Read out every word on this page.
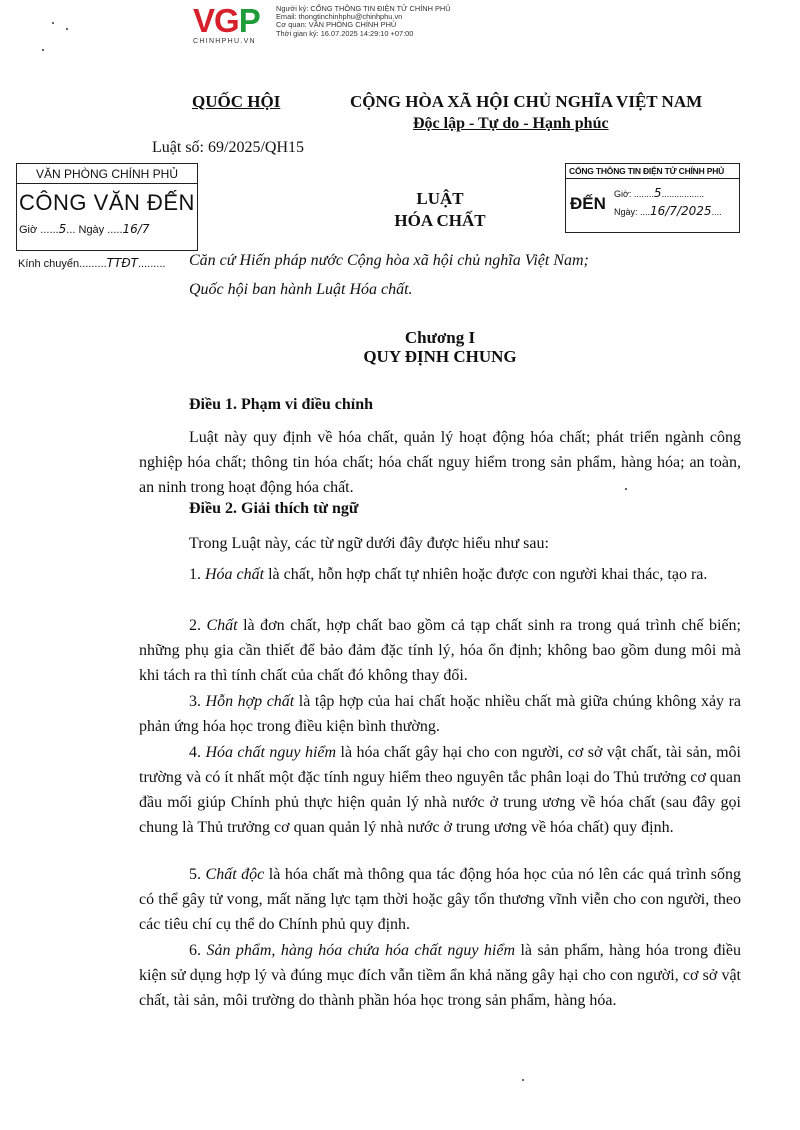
VGP
CHINHPHU.VN
Người ký: CỔNG THÔNG TIN ĐIỆN TỬ CHÍNH PHỦ
Email: thongtinchinhphu@chinhphu.vn
Cơ quan: VĂN PHÒNG CHÍNH PHỦ
Thời gian ký: 16.07.2025 14:29:10 +07:00
QUỐC HỘI	CỘNG HÒA XÃ HỘI CHỦ NGHĨA VIỆT NAM
Độc lập - Tự do - Hạnh phúc
Luật số: 69/2025/QH15
VĂN PHÒNG CHÍNH PHỦ
CÔNG VĂN ĐẾN
Giờ ......5... Ngày .....16/7
Kính chuyển.........TTĐT.........
CỔNG THÔNG TIN ĐIỆN TỬ CHÍNH PHỦ
ĐẾN Giờ: ........5.................
Ngày: ....16/7/2025....
LUẬT
HÓA CHẤT
Căn cứ Hiến pháp nước Cộng hòa xã hội chủ nghĩa Việt Nam;
Quốc hội ban hành Luật Hóa chất.
Chương I
QUY ĐỊNH CHUNG
Điều 1. Phạm vi điều chỉnh
Luật này quy định về hóa chất, quản lý hoạt động hóa chất; phát triển ngành công nghiệp hóa chất; thông tin hóa chất; hóa chất nguy hiểm trong sản phẩm, hàng hóa; an toàn, an ninh trong hoạt động hóa chất.
Điều 2. Giải thích từ ngữ
Trong Luật này, các từ ngữ dưới đây được hiểu như sau:
1. Hóa chất là chất, hỗn hợp chất tự nhiên hoặc được con người khai thác, tạo ra.
2. Chất là đơn chất, hợp chất bao gồm cả tạp chất sinh ra trong quá trình chế biến; những phụ gia cần thiết để bảo đảm đặc tính lý, hóa ổn định; không bao gồm dung môi mà khi tách ra thì tính chất của chất đó không thay đổi.
3. Hỗn hợp chất là tập hợp của hai chất hoặc nhiều chất mà giữa chúng không xảy ra phản ứng hóa học trong điều kiện bình thường.
4. Hóa chất nguy hiểm là hóa chất gây hại cho con người, cơ sở vật chất, tài sản, môi trường và có ít nhất một đặc tính nguy hiểm theo nguyên tắc phân loại do Thủ trưởng cơ quan đầu mối giúp Chính phủ thực hiện quản lý nhà nước ở trung ương về hóa chất (sau đây gọi chung là Thủ trưởng cơ quan quản lý nhà nước ở trung ương về hóa chất) quy định.
5. Chất độc là hóa chất mà thông qua tác động hóa học của nó lên các quá trình sống có thể gây tử vong, mất năng lực tạm thời hoặc gây tổn thương vĩnh viễn cho con người, theo các tiêu chí cụ thể do Chính phủ quy định.
6. Sản phẩm, hàng hóa chứa hóa chất nguy hiểm là sản phẩm, hàng hóa trong điều kiện sử dụng hợp lý và đúng mục đích vẫn tiềm ẩn khả năng gây hại cho con người, cơ sở vật chất, tài sản, môi trường do thành phần hóa học trong sản phẩm, hàng hóa.
